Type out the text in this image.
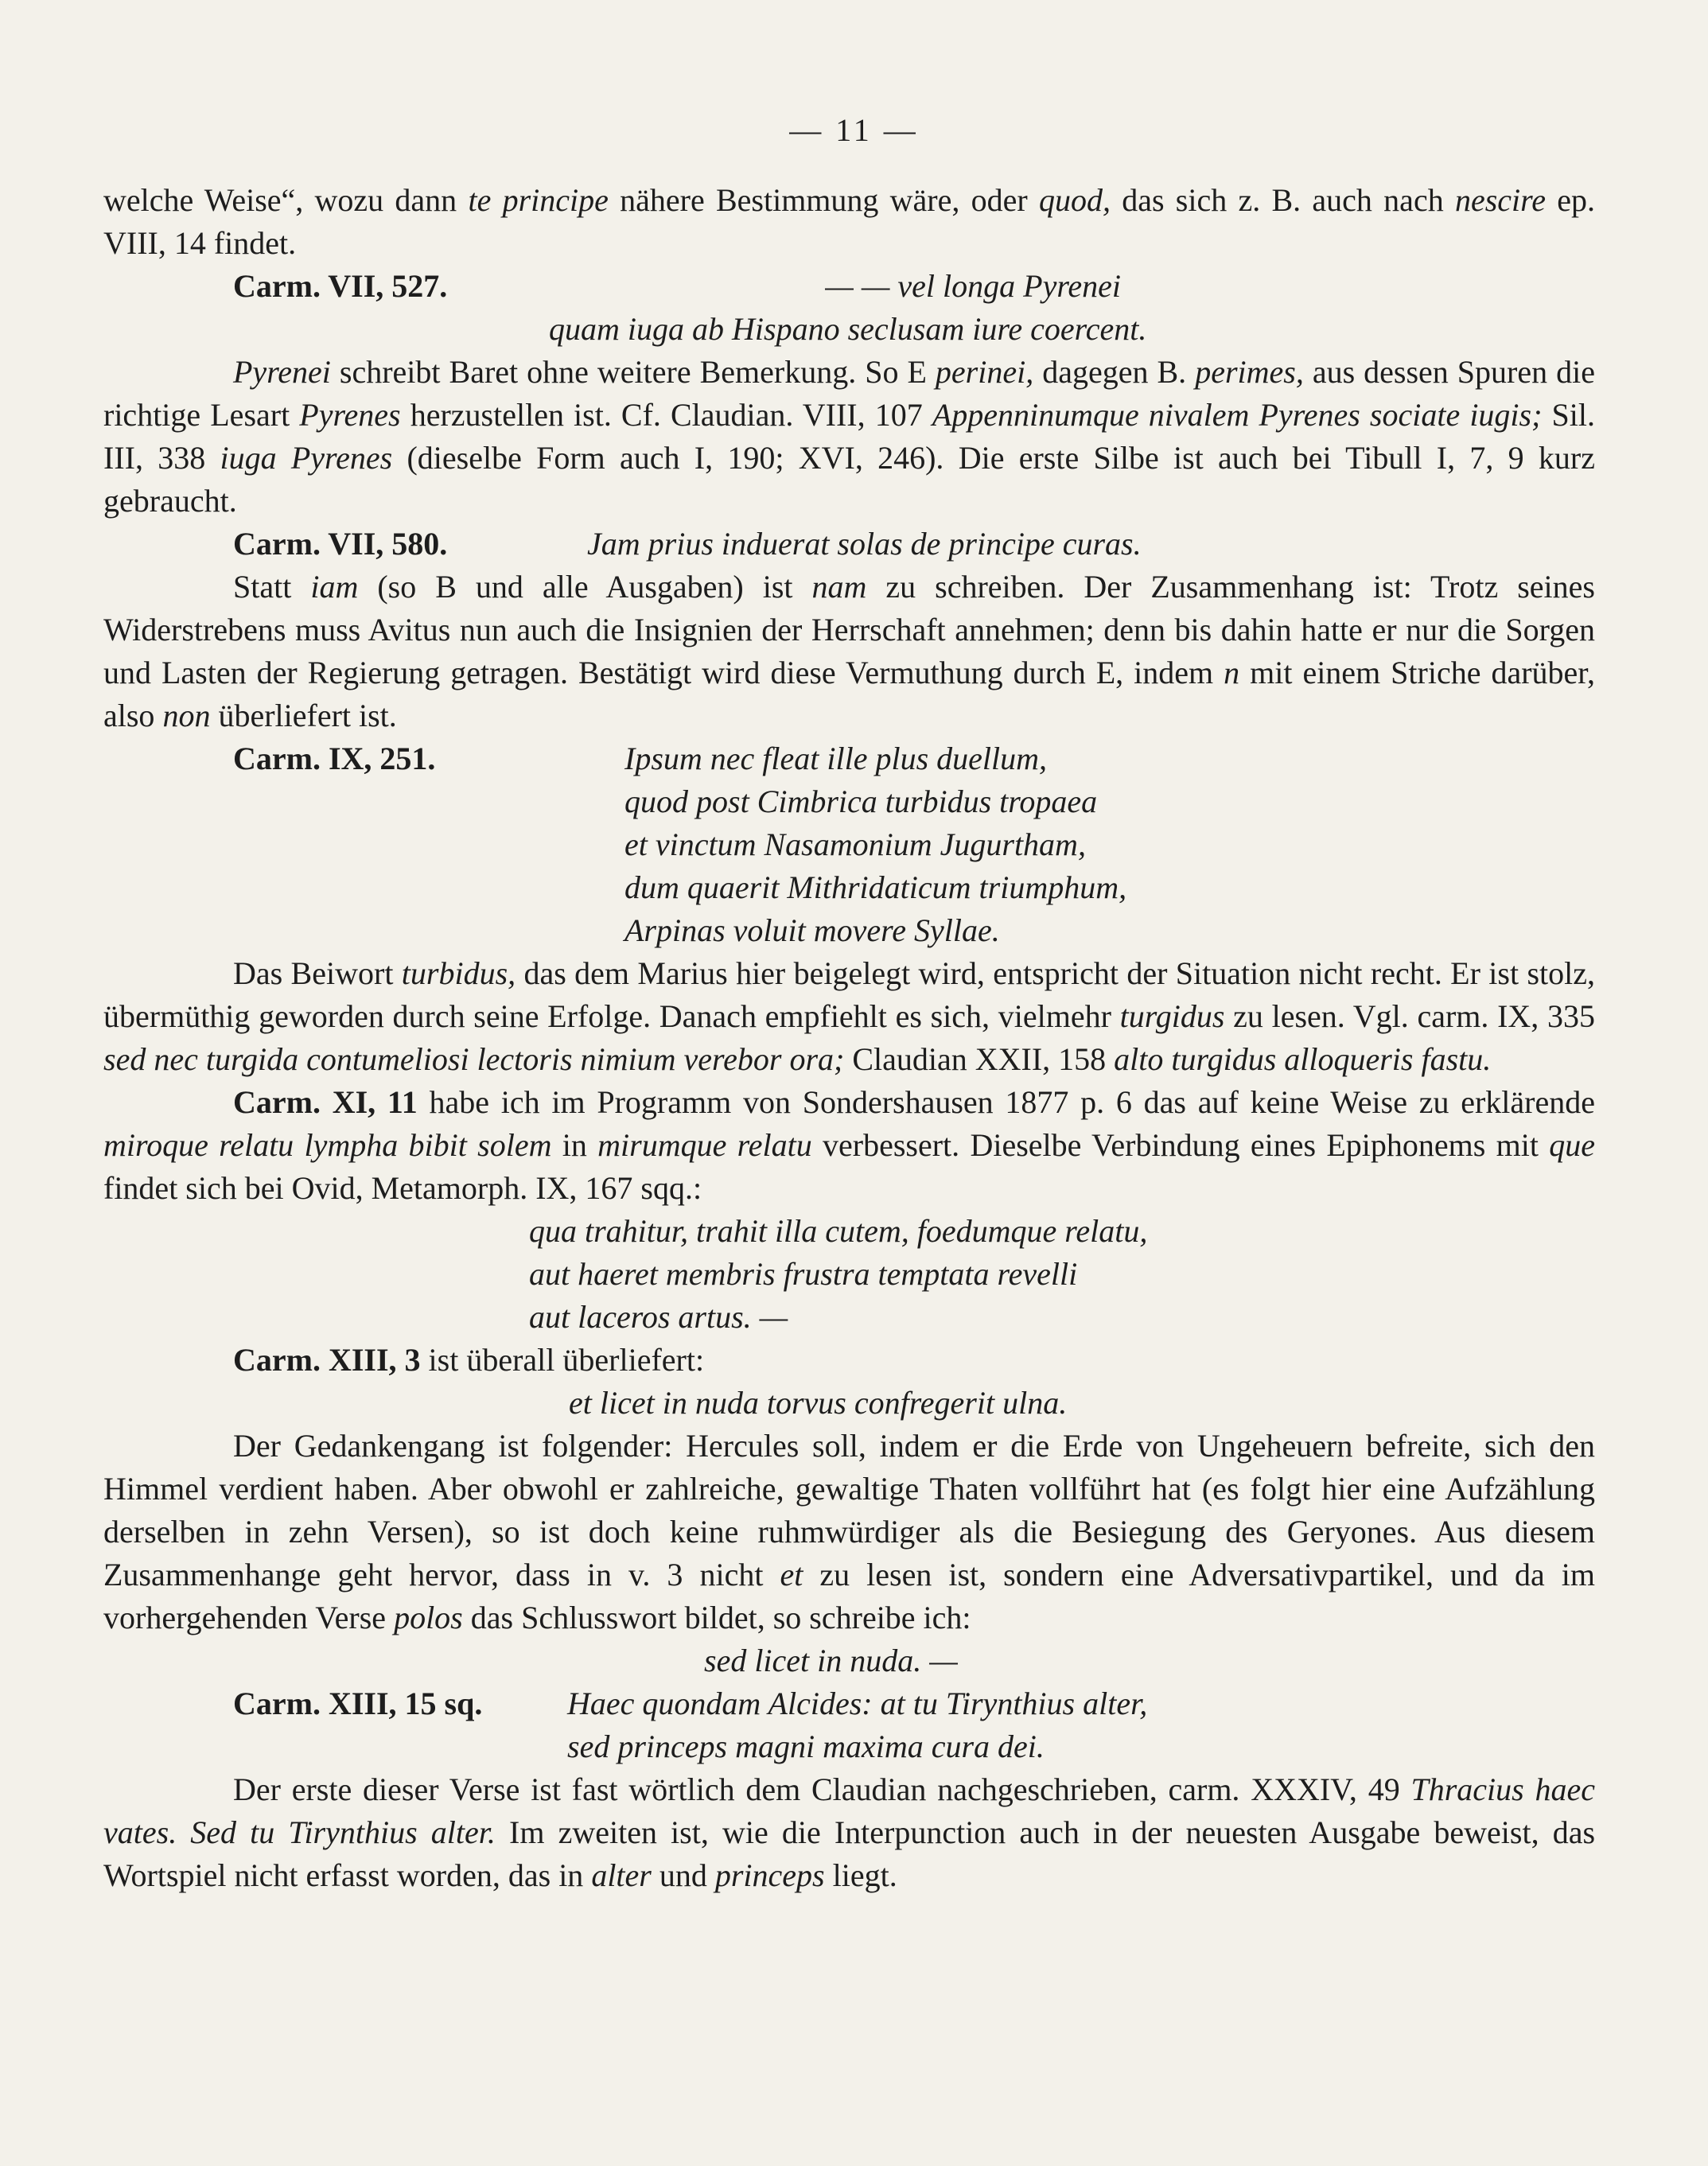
— 11 —

welche Weise“, wozu dann te principe nähere Bestimmung wäre, oder quod, das sich z. B. auch nach nescire ep. VIII, 14 findet.

Carm. VII, 527.	— — vel longa Pyrenei
quam iuga ab Hispano seclusam iure coercent.

Pyrenei schreibt Baret ohne weitere Bemerkung. So E perinei, dagegen B. perimes, aus dessen Spuren die richtige Lesart Pyrenes herzustellen ist. Cf. Claudian. VIII, 107 Appenninumque nivalem Pyrenes sociate iugis; Sil. III, 338 iuga Pyrenes (dieselbe Form auch I, 190; XVI, 246). Die erste Silbe ist auch bei Tibull I, 7, 9 kurz gebraucht.

Carm. VII, 580.	Jam prius induerat solas de principe curas.

Statt iam (so B und alle Ausgaben) ist nam zu schreiben. Der Zusammenhang ist: Trotz seines Widerstrebens muss Avitus nun auch die Insignien der Herrschaft annehmen; denn bis dahin hatte er nur die Sorgen und Lasten der Regierung getragen. Bestätigt wird diese Vermuthung durch E, indem n mit einem Striche darüber, also non überliefert ist.

Carm. IX, 251.	Ipsum nec fleat ille plus duellum,
quod post Cimbrica turbidus tropaea
et vinctum Nasamonium Jugurtham,
dum quaerit Mithridaticum triumphum,
Arpinas voluit movere Syllae.

Das Beiwort turbidus, das dem Marius hier beigelegt wird, entspricht der Situation nicht recht. Er ist stolz, übermüthig geworden durch seine Erfolge. Danach empfiehlt es sich, vielmehr turgidus zu lesen. Vgl. carm. IX, 335 sed nec turgida contumeliosi lectoris nimium verebor ora; Claudian XXII, 158 alto turgidus alloqueris fastu.

Carm. XI, 11 habe ich im Programm von Sondershausen 1877 p. 6 das auf keine Weise zu erklärende miroque relatu lympha bibit solem in mirumque relatu verbessert. Dieselbe Verbindung eines Epiphonems mit que findet sich bei Ovid, Metamorph. IX, 167 sqq.:

qua trahitur, trahit illa cutem, foedumque relatu,
aut haeret membris frustra temptata revelli
aut laceros artus. —

Carm. XIII, 3 ist überall überliefert:

et licet in nuda torvus confregerit ulna.

Der Gedankengang ist folgender: Hercules soll, indem er die Erde von Ungeheuern befreite, sich den Himmel verdient haben. Aber obwohl er zahlreiche, gewaltige Thaten vollführt hat (es folgt hier eine Aufzählung derselben in zehn Versen), so ist doch keine ruhmwürdiger als die Besiegung des Geryones. Aus diesem Zusammenhange geht hervor, dass in v. 3 nicht et zu lesen ist, sondern eine Adversativpartikel, und da im vorhergehenden Verse polos das Schlusswort bildet, so schreibe ich:

sed licet in nuda. —
Carm. XIII, 15 sq.	Haec quondam Alcides: at tu Tirynthius alter,
sed princeps magni maxima cura dei.

Der erste dieser Verse ist fast wörtlich dem Claudian nachgeschrieben, carm. XXXIV, 49 Thracius haec vates. Sed tu Tirynthius alter. Im zweiten ist, wie die Interpunction auch in der neuesten Ausgabe beweist, das Wortspiel nicht erfasst worden, das in alter und princeps liegt.
